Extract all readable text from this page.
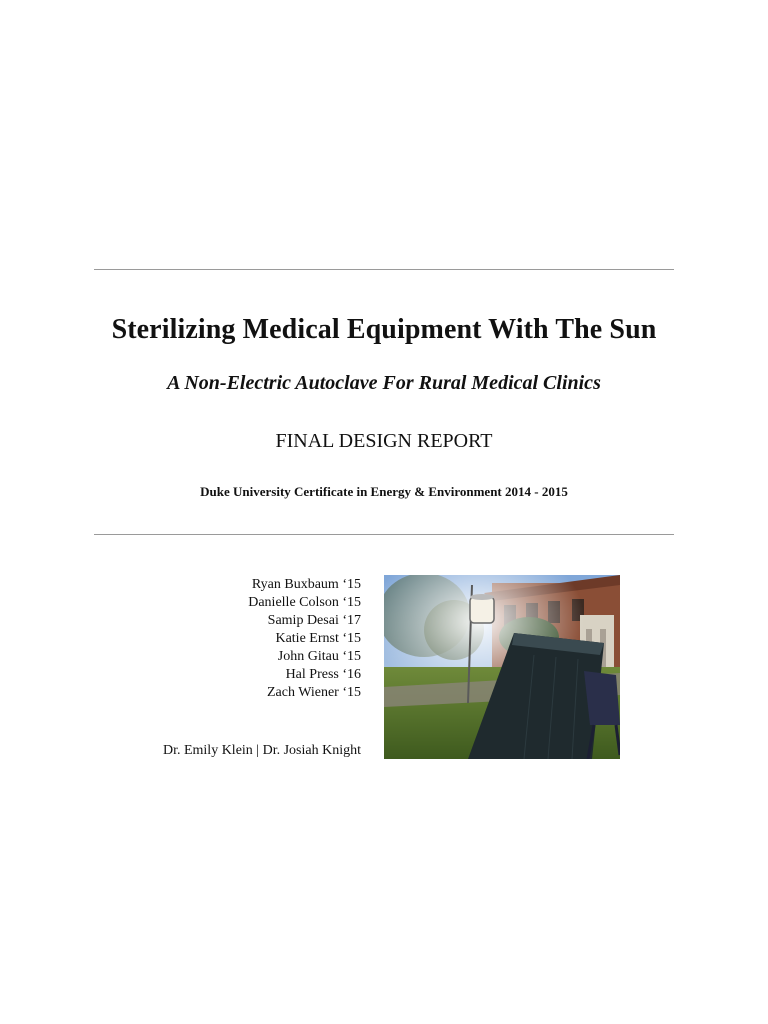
Sterilizing Medical Equipment With The Sun
A Non-Electric Autoclave For Rural Medical Clinics
FINAL DESIGN REPORT
Duke University Certificate in Energy & Environment 2014 - 2015
Ryan Buxbaum ‘15
Danielle Colson ‘15
Samip Desai ‘17
Katie Ernst ‘15
John Gitau ‘15
Hal Press ‘16
Zach Wiener ‘15
Dr. Emily Klein | Dr. Josiah Knight
